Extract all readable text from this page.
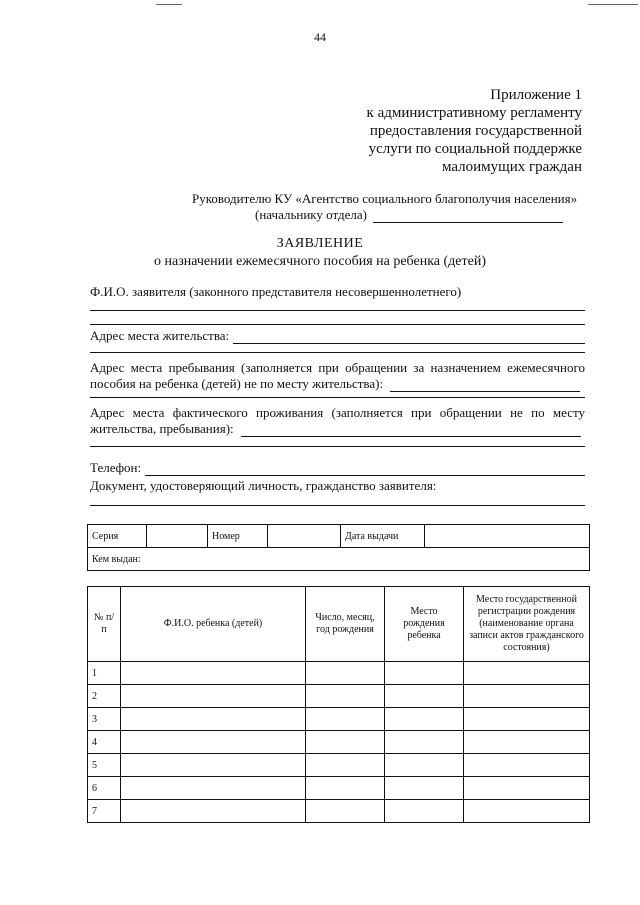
44
Приложение 1
к административному регламенту
предоставления государственной
услуги по социальной поддержке
малоимущих граждан
Руководителю КУ «Агентство социального благополучия населения»
(начальнику отдела)
ЗАЯВЛЕНИЕ
о назначении ежемесячного пособия на ребенка (детей)
Ф.И.О. заявителя (законного представителя несовершеннолетнего)
Адрес места жительства:
Адрес места пребывания (заполняется при обращении за назначением ежемесячного пособия на ребенка (детей) не по месту жительства):
Адрес места фактического проживания (заполняется при обращении не по месту жительства, пребывания):
Телефон:
Документ, удостоверяющий личность, гражданство заявителя:
Серия		Номер		Дата выдачи	
Кем выдан:
№ п/п	Ф.И.О. ребенка (детей)	Число, месяц, год рождения	Место рождения ребенка	Место государственной регистрации рождения (наименование органа записи актов гражданского состояния)
1				
2				
3				
4				
5				
6				
7				
